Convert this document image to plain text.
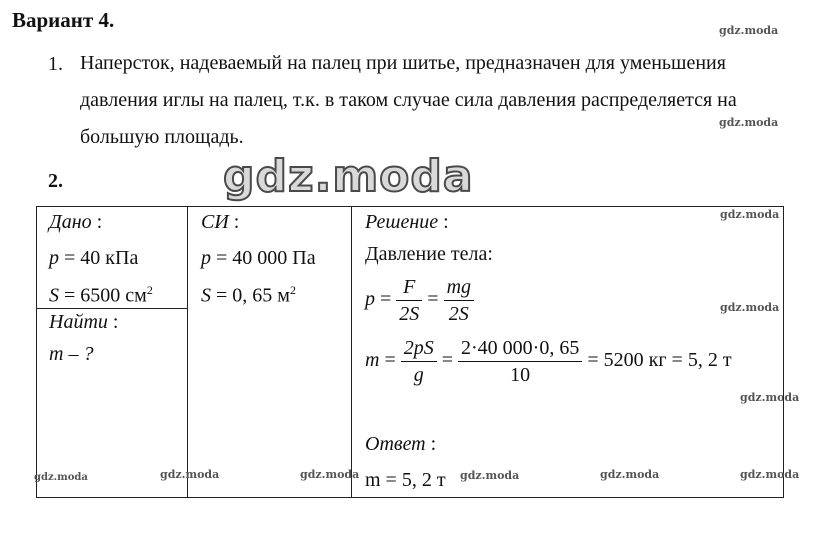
Вариант 4.
1. Наперсток, надеваемый на палец при шитье, предназначен для уменьшения
давления иглы на палец, т.к. в таком случае сила давления распределяется на
большую площадь.
2.	gdz.moda
gdz.moda
gdz.moda
gdz.moda
gdz.moda
gdz.moda
Дано :
p = 40 кПа
S = 6500 $см^2$
Найти :
m – ?
СИ :
p = 40 000 Па
S = 0, 65 $м^2$
Решение :
Давление тела:
$p = \frac{F}{2S} = \frac{mg}{2S}$
$m = \frac{2pS}{g} = \frac{2\cdot 40 000\cdot 0, 65}{10} = 5200$ кг = 5, 2 т
Ответ :
m = 5, 2 т
gdz.moda	gdz.moda	gdz.moda	gdz.moda	gdz.moda	gdz.moda
